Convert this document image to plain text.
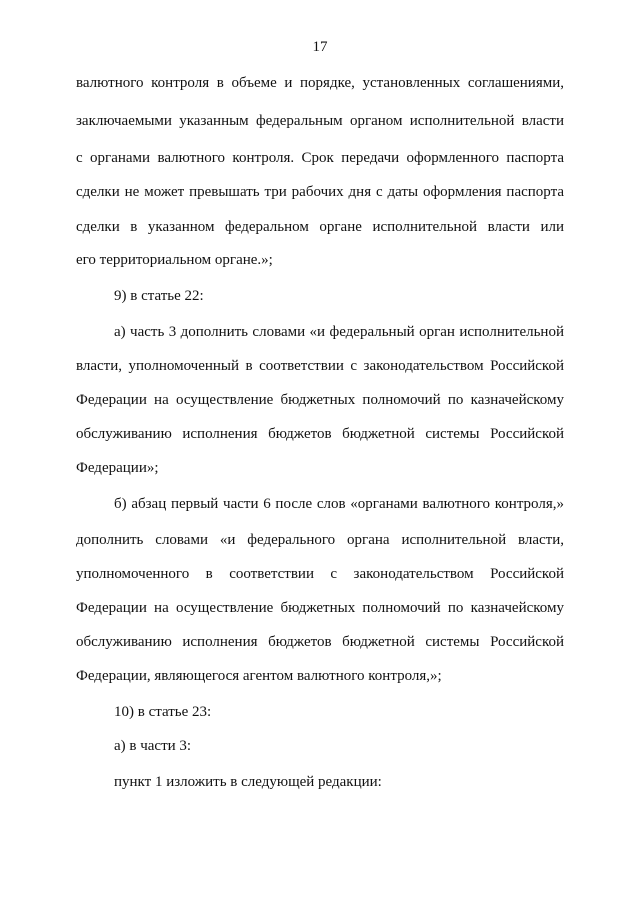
17
валютного контроля в объеме и порядке, установленных соглашениями,
заключаемыми указанным федеральным органом исполнительной власти
с органами валютного контроля. Срок передачи оформленного паспорта
сделки не может превышать три рабочих дня с даты оформления паспорта
сделки в указанном федеральном органе исполнительной власти или
его территориальном органе.»;
9) в статье 22:
а) часть 3 дополнить словами «и федеральный орган исполнительной
власти, уполномоченный в соответствии с законодательством Российской
Федерации на осуществление бюджетных полномочий по казначейскому
обслуживанию исполнения бюджетов бюджетной системы Российской
Федерации»;
б) абзац первый части 6 после слов «органами валютного контроля,»
дополнить словами «и федерального органа исполнительной власти,
уполномоченного в соответствии с законодательством Российской
Федерации на осуществление бюджетных полномочий по казначейскому
обслуживанию исполнения бюджетов бюджетной системы Российской
Федерации, являющегося агентом валютного контроля,»;
10) в статье 23:
а) в части 3:
пункт 1 изложить в следующей редакции:
